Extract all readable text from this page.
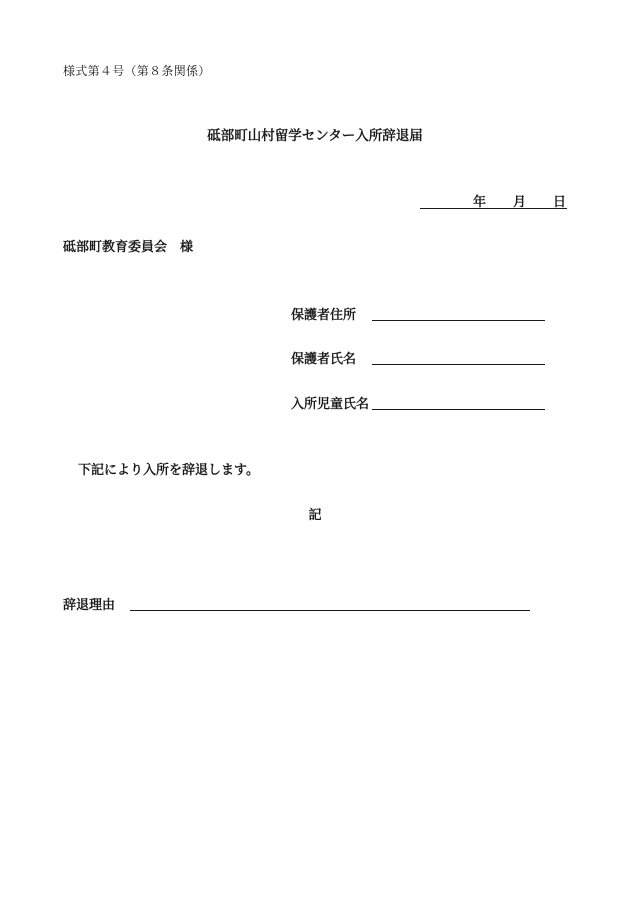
様式第４号（第８条関係）
砥部町山村留学センター入所辞退届
年 月 日
砥部町教育委員会　様
保護者住所
保護者氏名
入所児童氏名
下記により入所を辞退します。
記
辞退理由
